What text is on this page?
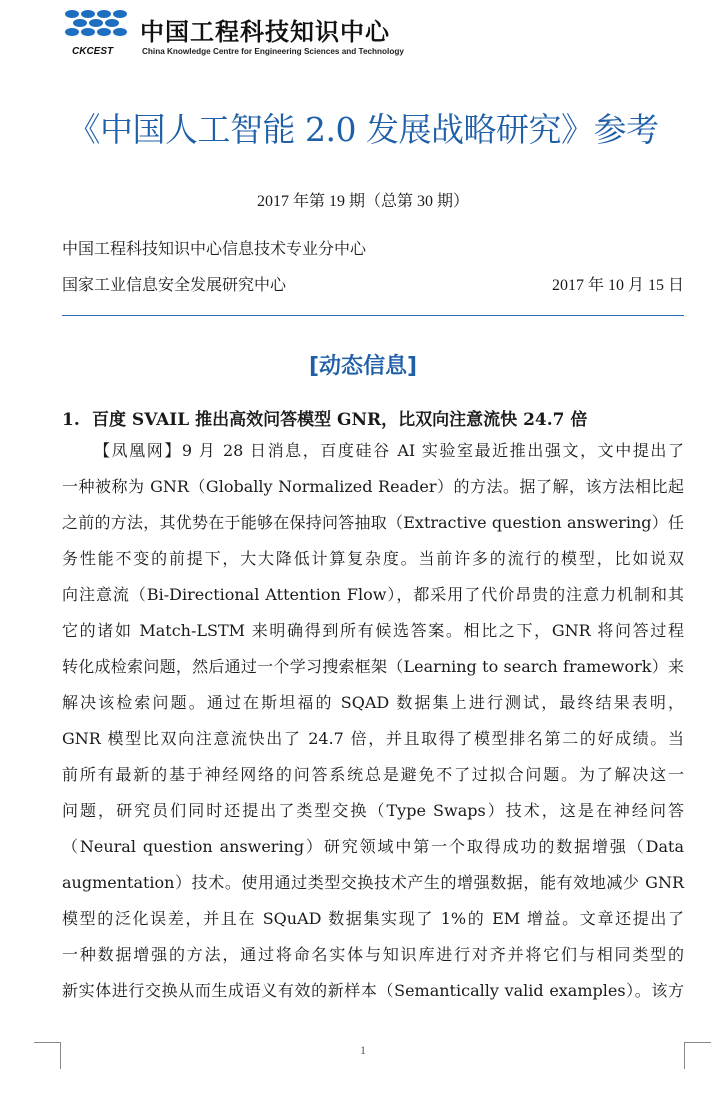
CKCEST
中国工程科技知识中心
China Knowledge Centre for Engineering Sciences and Technology
《中国人工智能 2.0 发展战略研究》参考
2017 年第 19 期（总第 30 期）
中国工程科技知识中心信息技术专业分中心
国家工业信息安全发展研究中心	2017 年 10 月 15 日
[动态信息]
1. 百度 SVAIL 推出高效问答模型 GNR，比双向注意流快 24.7 倍
【凤凰网】9 月 28 日消息，百度硅谷 AI 实验室最近推出强文，文中提出了
一种被称为 GNR（Globally Normalized Reader）的方法。据了解，该方法相比起
之前的方法，其优势在于能够在保持问答抽取（Extractive question answering）任
务性能不变的前提下，大大降低计算复杂度。当前许多的流行的模型，比如说双
向注意流（Bi-Directional Attention Flow），都采用了代价昂贵的注意力机制和其
它的诸如 Match-LSTM 来明确得到所有候选答案。相比之下，GNR 将问答过程
转化成检索问题，然后通过一个学习搜索框架（Learning to search framework）来
解决该检索问题。通过在斯坦福的 SQAD 数据集上进行测试，最终结果表明，
GNR 模型比双向注意流快出了 24.7 倍，并且取得了模型排名第二的好成绩。当
前所有最新的基于神经网络的问答系统总是避免不了过拟合问题。为了解决这一
问题，研究员们同时还提出了类型交换（Type Swaps）技术，这是在神经问答
（Neural question answering）研究领域中第一个取得成功的数据增强（Data
augmentation）技术。使用通过类型交换技术产生的增强数据，能有效地减少 GNR
模型的泛化误差，并且在 SQuAD 数据集实现了 1%的 EM 增益。文章还提出了
一种数据增强的方法，通过将命名实体与知识库进行对齐并将它们与相同类型的
新实体进行交换从而生成语义有效的新样本（Semantically valid examples）。该方
1
